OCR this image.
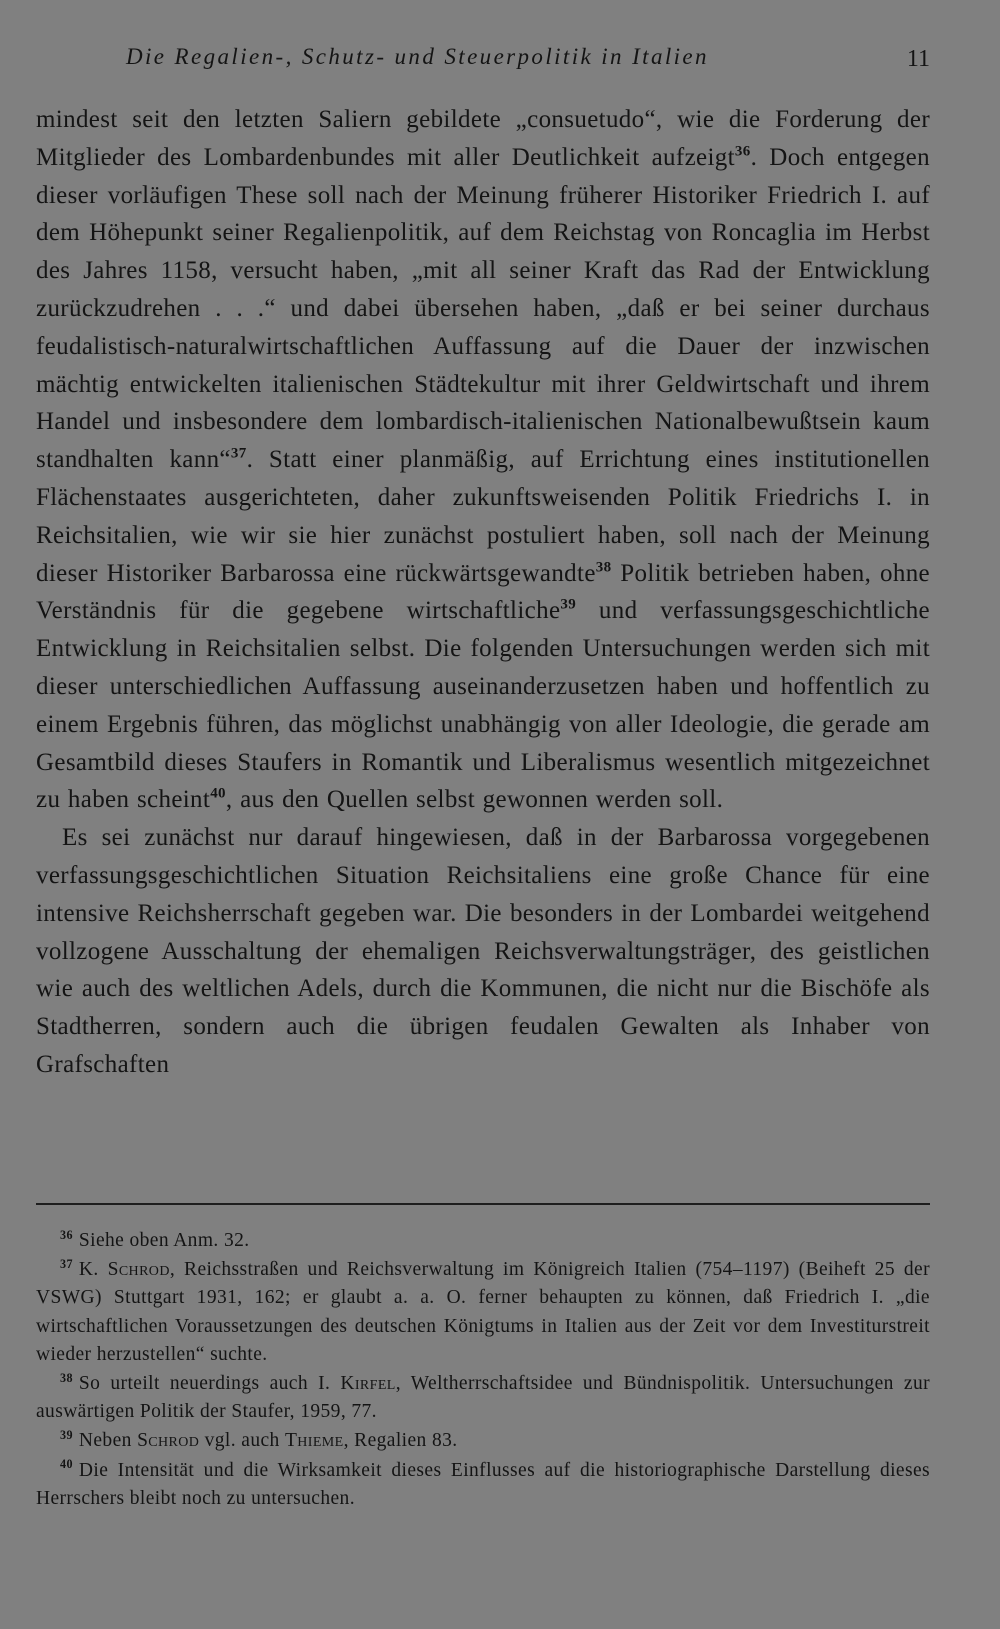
Die Regalien-, Schutz- und Steuerpolitik in Italien	11

mindest seit den letzten Saliern gebildete „consuetudo“, wie die Forderung der Mitglieder des Lombardenbundes mit aller Deutlichkeit aufzeigt$^{36}$. Doch entgegen dieser vorläufigen These soll nach der Meinung früherer Historiker Friedrich I. auf dem Höhepunkt seiner Regalienpolitik, auf dem Reichstag von Roncaglia im Herbst des Jahres 1158, versucht haben, „mit all seiner Kraft das Rad der Entwicklung zurückzudrehen . . .“ und dabei übersehen haben, „daß er bei seiner durchaus feudalistisch-naturalwirtschaftlichen Auffassung auf die Dauer der inzwischen mächtig entwickelten italienischen Städtekultur mit ihrer Geldwirtschaft und ihrem Handel und insbesondere dem lombardisch-italienischen Nationalbewußtsein kaum standhalten kann“$^{37}$. Statt einer planmäßig, auf Errichtung eines institutionellen Flächenstaates ausgerichteten, daher zukunftsweisenden Politik Friedrichs I. in Reichsitalien, wie wir sie hier zunächst postuliert haben, soll nach der Meinung dieser Historiker Barbarossa eine rückwärtsgewandte$^{38}$ Politik betrieben haben, ohne Verständnis für die gegebene wirtschaftliche$^{39}$ und verfassungsgeschichtliche Entwicklung in Reichsitalien selbst. Die folgenden Untersuchungen werden sich mit dieser unterschiedlichen Auffassung auseinanderzusetzen haben und hoffentlich zu einem Ergebnis führen, das möglichst unabhängig von aller Ideologie, die gerade am Gesamtbild dieses Staufers in Romantik und Liberalismus wesentlich mitgezeichnet zu haben scheint$^{40}$, aus den Quellen selbst gewonnen werden soll.

Es sei zunächst nur darauf hingewiesen, daß in der Barbarossa vorgegebenen verfassungsgeschichtlichen Situation Reichsitaliens eine große Chance für eine intensive Reichsherrschaft gegeben war. Die besonders in der Lombardei weitgehend vollzogene Ausschaltung der ehemaligen Reichsverwaltungsträger, des geistlichen wie auch des weltlichen Adels, durch die Kommunen, die nicht nur die Bischöfe als Stadtherren, sondern auch die übrigen feudalen Gewalten als Inhaber von Grafschaften

$^{36}$ Siehe oben Anm. 32.

$^{37}$ K. Schrod, Reichsstraßen und Reichsverwaltung im Königreich Italien (754–1197) (Beiheft 25 der VSWG) Stuttgart 1931, 162; er glaubt a. a. O. ferner behaupten zu können, daß Friedrich I. „die wirtschaftlichen Voraussetzungen des deutschen Königtums in Italien aus der Zeit vor dem Investiturstreit wieder herzustellen“ suchte.

$^{38}$ So urteilt neuerdings auch I. Kirfel, Weltherrschaftsidee und Bündnispolitik. Untersuchungen zur auswärtigen Politik der Staufer, 1959, 77.

$^{39}$ Neben Schrod vgl. auch Thieme, Regalien 83.

$^{40}$ Die Intensität und die Wirksamkeit dieses Einflusses auf die historiographische Darstellung dieses Herrschers bleibt noch zu untersuchen.
